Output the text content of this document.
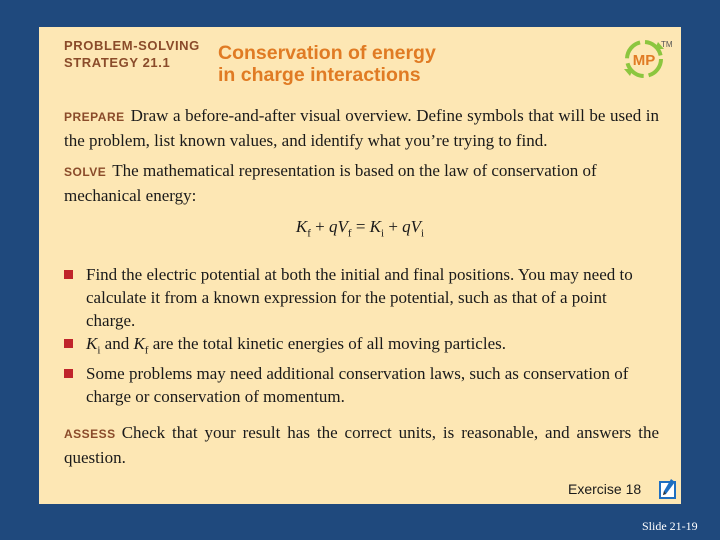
PROBLEM-SOLVING
STRATEGY 21.1	Conservation of energy
in charge interactions
MP
TM
PREPARE Draw a before-and-after visual overview. Define symbols that will be used in the problem, list known values, and identify what you’re trying to find.
SOLVE The mathematical representation is based on the law of conservation of mechanical energy:
$K_f + qV_f = K_i + qV_i$
Find the electric potential at both the initial and final positions. You may need to calculate it from a known expression for the potential, such as that of a point charge.
$K_i$ and $K_f$ are the total kinetic energies of all moving particles.
Some problems may need additional conservation laws, such as conservation of charge or conservation of momentum.
ASSESS Check that your result has the correct units, is reasonable, and answers the question.
Exercise 18
Slide 21-19
